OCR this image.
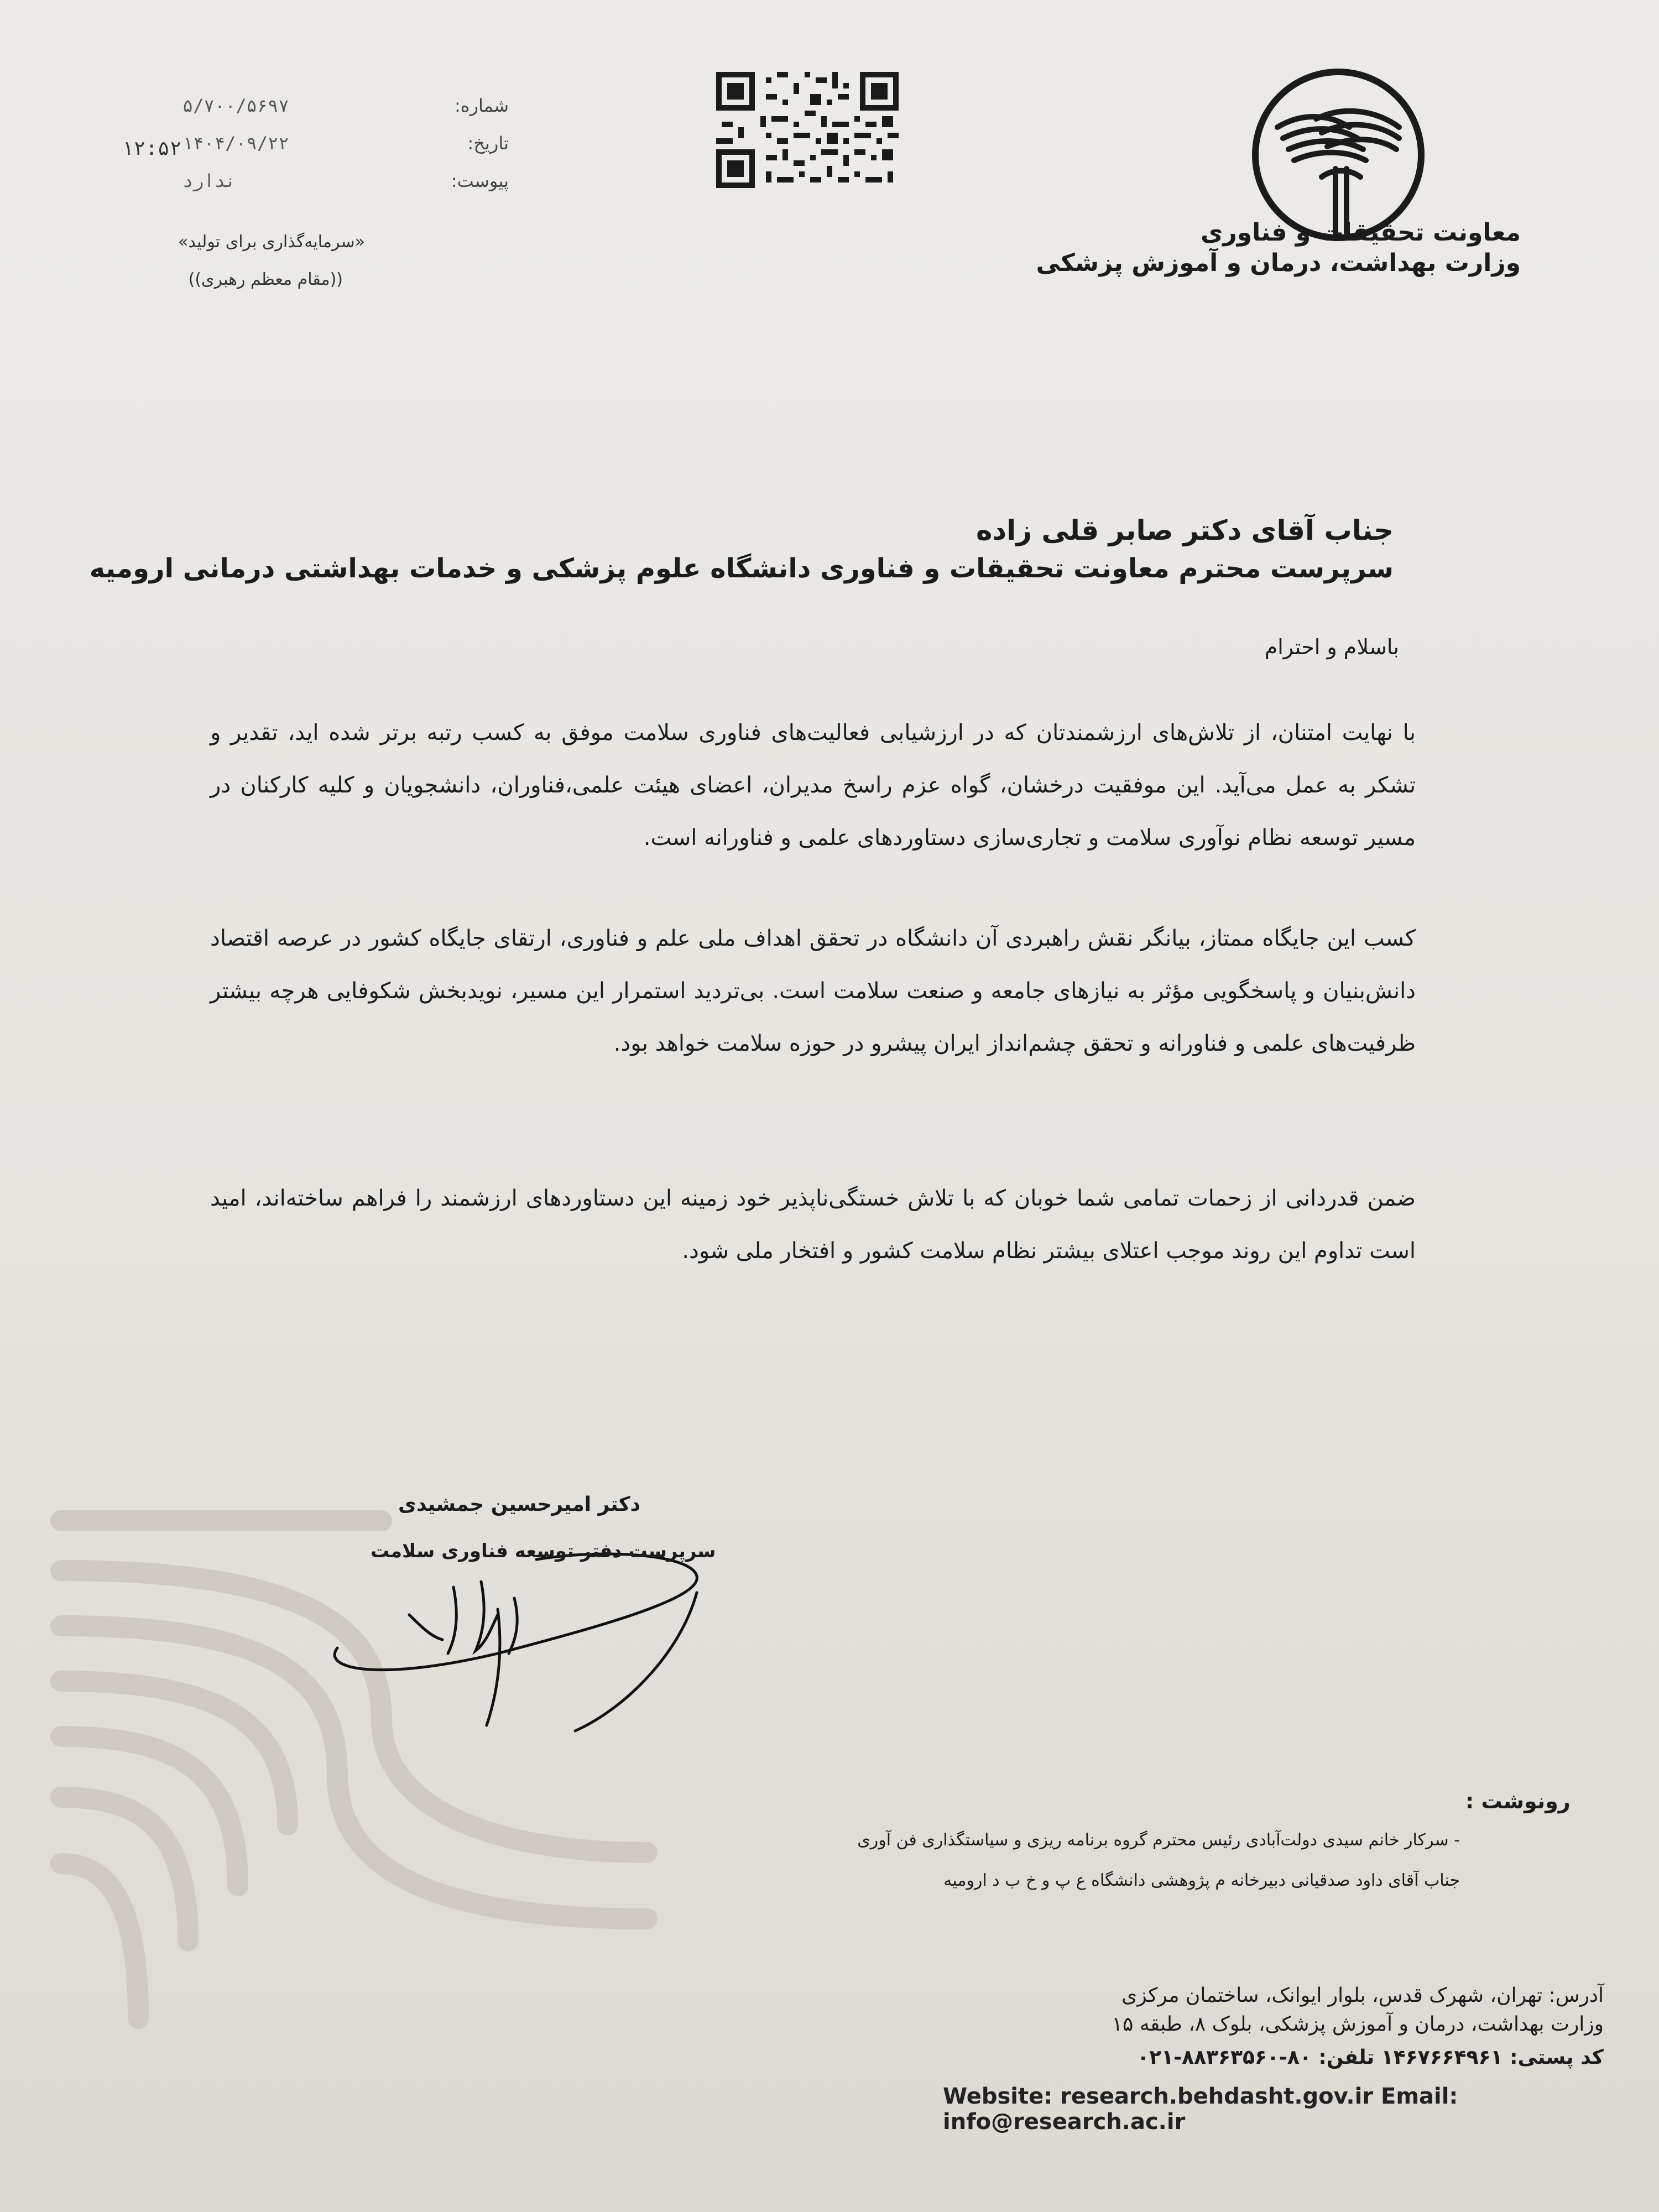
معاونت تحقیقات و فناوری
وزارت بهداشت، درمان و آموزش پزشکی
۵/۷۰۰/۵۶۹۷	شماره:
۱۴۰۴/۰۹/۲۲	تاریخ:
ندارد	پیوست:
۱۲:۵۲
«سرمایه‌گذاری برای تولید»
((مقام معظم رهبری))
جناب آقای دکتر صابر قلی زاده
سرپرست محترم معاونت تحقیقات و فناوری دانشگاه علوم پزشکی و خدمات بهداشتی درمانی ارومیه
باسلام و احترام
با نهایت امتنان، از تلاش‌های ارزشمندتان که در ارزشیابی فعالیت‌های فناوری سلامت موفق به کسب رتبه برتر شده اید، تقدیر و تشکر به عمل می‌آید. این موفقیت درخشان، گواه عزم راسخ مدیران، اعضای هیئت علمی،فناوران، دانشجویان و کلیه کارکنان در مسیر توسعه نظام نوآوری سلامت و تجاری‌سازی دستاوردهای علمی و فناورانه است.
کسب این جایگاه ممتاز، بیانگر نقش راهبردی آن دانشگاه در تحقق اهداف ملی علم و فناوری، ارتقای جایگاه کشور در عرصه اقتصاد دانش‌بنیان و پاسخگویی مؤثر به نیازهای جامعه و صنعت سلامت است. بی‌تردید استمرار این مسیر، نویدبخش شکوفایی هرچه بیشتر ظرفیت‌های علمی و فناورانه و تحقق چشم‌انداز ایران پیشرو در حوزه سلامت خواهد بود.
ضمن قدردانی از زحمات تمامی شما خوبان که با تلاش خستگی‌ناپذیر خود زمینه این دستاوردهای ارزشمند را فراهم ساخته‌اند، امید است تداوم این روند موجب اعتلای بیشتر نظام سلامت کشور و افتخار ملی شود.
دکتر امیرحسین جمشیدی
سرپرست دفتر توسعه فناوری سلامت
رونوشت :
- سرکار خانم سیدی دولت‌آبادی رئیس محترم گروه برنامه ریزی و سیاستگذاری فن آوری
جناب آقای داود صدقیانی دبیرخانه م پژوهشی دانشگاه ع پ و خ ب د ارومیه
آدرس: تهران، شهرک قدس، بلوار ایوانک، ساختمان مرکزی
وزارت بهداشت، درمان و آموزش پزشکی، بلوک ۸، طبقه ۱۵
کد پستی: ۱۴۶۷۶۶۴۹۶۱ تلفن: ۸۰-۸۸۳۶۳۵۶۰-۰۲۱
Website: research.behdasht.gov.ir Email: info@research.ac.ir
